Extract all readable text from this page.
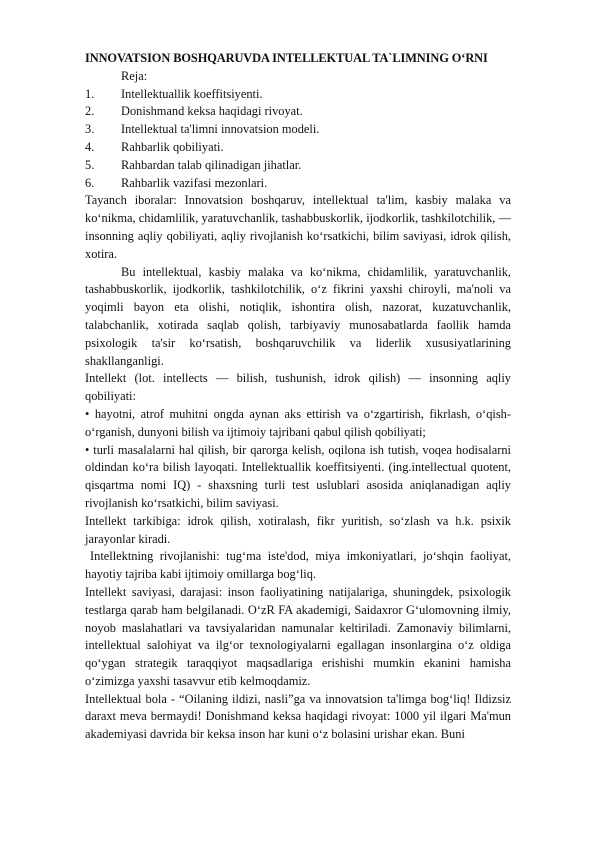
INNOVATSION BOSHQARUVDA INTELLEKTUAL TA`LIMNING O‘RNI
Reja:
1.	Intellektuallik koeffitsiyenti.
2.	Donishmand keksa haqidagi rivoyat.
3.	Intellektual ta'limni innovatsion modeli.
4.	Rahbarlik qobiliyati.
5.	Rahbardan talab qilinadigan jihatlar.
6.	Rahbarlik vazifasi mezonlari.

Tayanch iboralar: Innovatsion boshqaruv, intellektual ta'lim, kasbiy malaka va ko‘nikma, chidamlilik, yaratuvchanlik, tashabbuskorlik, ijodkorlik, tashkilotchilik, — insonning aqliy qobiliyati, aqliy rivojlanish ko‘rsatkichi, bilim saviyasi, idrok qilish, xotira.

Bu intellektual, kasbiy malaka va ko‘nikma, chidamlilik, yaratuvchanlik, tashabbuskorlik, ijodkorlik, tashkilotchilik, o‘z fikrini yaxshi chiroyli, ma'noli va yoqimli bayon eta olishi, notiqlik, ishontira olish, nazorat, kuzatuvchanlik, talabchanlik, xotirada saqlab qolish, tarbiyaviy munosabatlarda faollik hamda psixologik ta'sir ko‘rsatish, boshqaruvchilik va liderlik xususiyatlarining shakllanganligi.

Intellekt (lot. intellects — bilish, tushunish, idrok qilish) — insonning aqliy qobiliyati:

• hayotni, atrof muhitni ongda aynan aks ettirish va o‘zgartirish, fikrlash, o‘qish-o‘rganish, dunyoni bilish va ijtimoiy tajribani qabul qilish qobiliyati;

• turli masalalarni hal qilish, bir qarorga kelish, oqilona ish tutish, voqea hodisalarni oldindan ko‘ra bilish layoqati. Intellektuallik koeffitsiyenti. (ing.intellectual quotent, qisqartma nomi IQ) - shaxsning turli test uslublari asosida aniqlanadigan aqliy rivojlanish ko‘rsatkichi, bilim saviyasi.

Intellekt tarkibiga: idrok qilish, xotiralash, fikr yuritish, so‘zlash va h.k. psixik jarayonlar kiradi.

Intellektning rivojlanishi: tug‘ma iste'dod, miya imkoniyatlari, jo‘shqin faoliyat, hayotiy tajriba kabi ijtimoiy omillarga bog‘liq.

Intellekt saviyasi, darajasi: inson faoliyatining natijalariga, shuningdek, psixologik testlarga qarab ham belgilanadi. O‘zR FA akademigi, Saidaxror G‘ulomovning ilmiy, noyob maslahatlari va tavsiyalaridan namunalar keltiriladi. Zamonaviy bilimlarni, intellektual salohiyat va ilg‘or texnologiyalarni egallagan insonlargina o‘z oldiga qo‘ygan strategik taraqqiyot maqsadlariga erishishi mumkin ekanini hamisha o‘zimizga yaxshi tasavvur etib kelmoqdamiz.

Intellektual bola - “Oilaning ildizi, nasli”ga va innovatsion ta'limga bog‘liq! Ildizsiz daraxt meva bermaydi! Donishmand keksa haqidagi rivoyat: 1000 yil ilgari Ma'mun akademiyasi davrida bir keksa inson har kuni o‘z bolasini urishar ekan. Buni
